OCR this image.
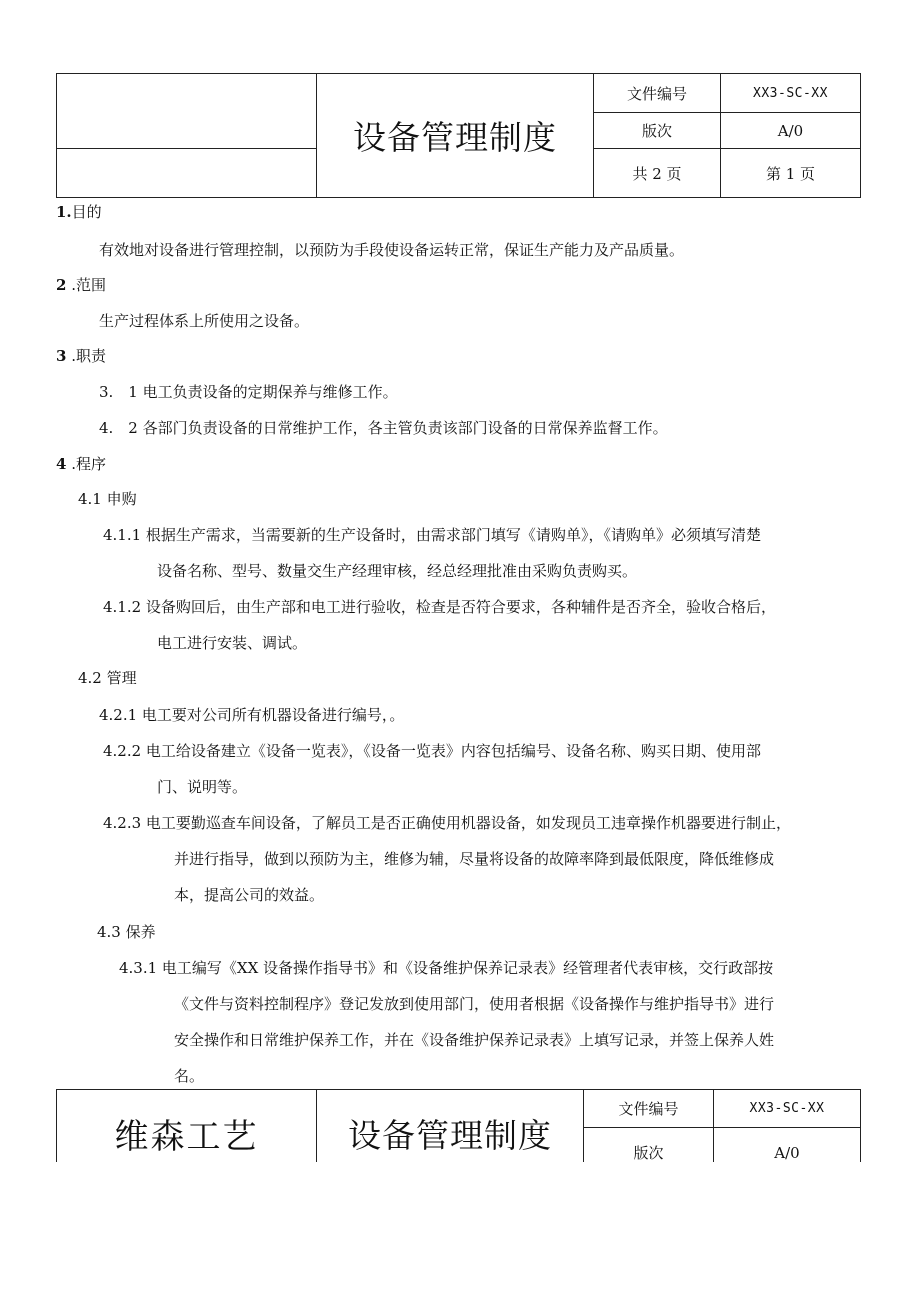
	设备管理制度	文件编号	XX3-SC-XX
		版次	A/0
		共 2 页	第 1 页
1.目的
有效地对设备进行管理控制，以预防为手段使设备运转正常，保证生产能力及产品质量。
2 .范围
生产过程体系上所使用之设备。
3 .职责
3.　1 电工负责设备的定期保养与维修工作。
4.　2 各部门负责设备的日常维护工作，各主管负责该部门设备的日常保养监督工作。
4 .程序
4.1 申购
4.1.1 根据生产需求，当需要新的生产设备时，由需求部门填写《请购单》，《请购单》必须填写清楚
设备名称、型号、数量交生产经理审核，经总经理批准由采购负责购买。
4.1.2 设备购回后，由生产部和电工进行验收，检查是否符合要求，各种辅件是否齐全，验收合格后，
电工进行安装、调试。
4.2 管理
4.2.1 电工要对公司所有机器设备进行编号，。
4.2.2 电工给设备建立《设备一览表》，《设备一览表》内容包括编号、设备名称、购买日期、使用部
门、说明等。
4.2.3 电工要勤巡查车间设备，了解员工是否正确使用机器设备，如发现员工违章操作机器要进行制止，
并进行指导，做到以预防为主，维修为辅，尽量将设备的故障率降到最低限度，降低维修成
本，提高公司的效益。
4.3 保养
4.3.1 电工编写《XX 设备操作指导书》和《设备维护保养记录表》经管理者代表审核，交行政部按
《文件与资料控制程序》登记发放到使用部门，使用者根据《设备操作与维护指导书》进行
安全操作和日常维护保养工作，并在《设备维护保养记录表》上填写记录，并签上保养人姓
名。
维森工艺	设备管理制度	文件编号	XX3-SC-XX
		版次	A/0
